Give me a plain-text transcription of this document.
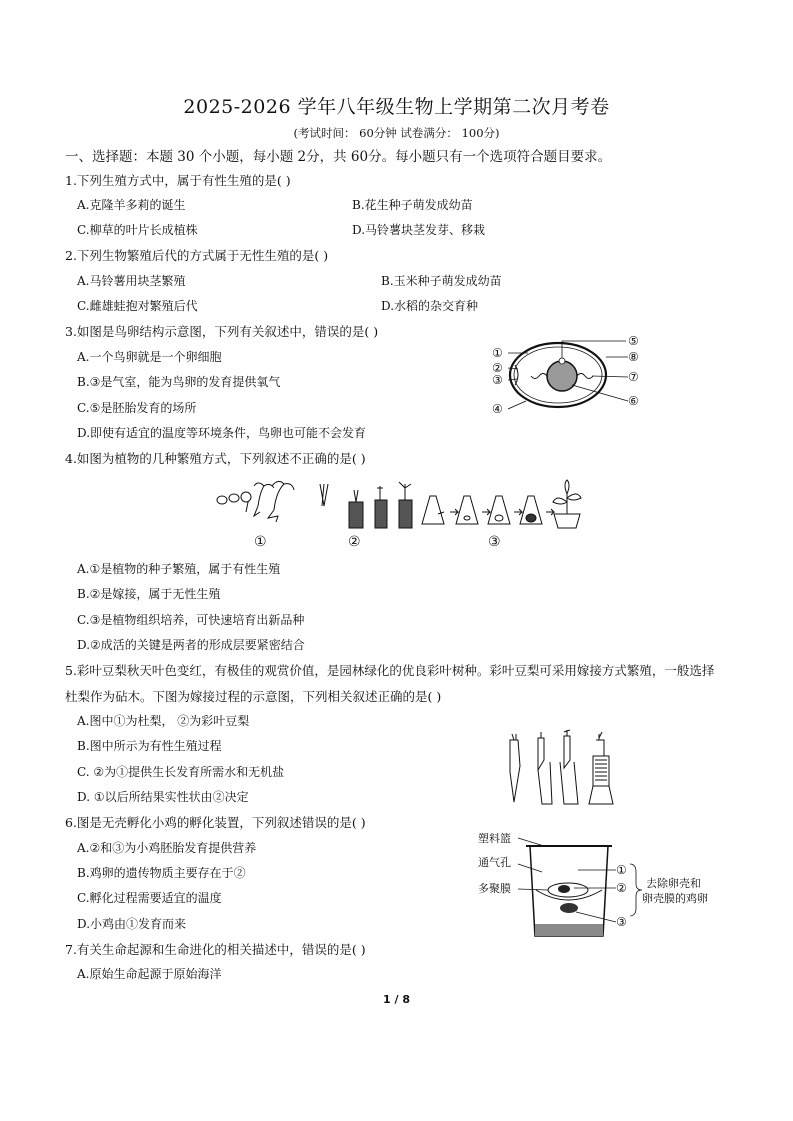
2025-2026 学年八年级生物上学期第二次月考卷
(考试时间： 60分钟 试卷满分： 100分)
一、选择题：本题 30 个小题，每小题 2分，共 60分。每小题只有一个选项符合题目要求。
1.下列生殖方式中，属于有性生殖的是( )
A.克隆羊多莉的诞生	B.花生种子萌发成幼苗
C.柳草的叶片长成植株	D.马铃薯块茎发芽、移栽
2.下列生物繁殖后代的方式属于无性生殖的是( )
A.马铃薯用块茎繁殖	B.玉米种子萌发成幼苗
C.雌雄蛙抱对繁殖后代	D.水稻的杂交育种
3.如图是鸟卵结构示意图，下列有关叙述中，错误的是( )
A.一个鸟卵就是一个卵细胞
B.③是气室，能为鸟卵的发育提供氧气
C.⑤是胚胎发育的场所
D.即使有适宜的温度等环境条件，鸟卵也可能不会发育
①
②
③
④
⑤
⑥
⑦
⑧
4.如图为植物的几种繁殖方式，下列叙述不正确的是( )
①	②	③
A.①是植物的种子繁殖，属于有性生殖
B.②是嫁接，属于无性生殖
C.③是植物组织培养，可快速培育出新品种
D.②成活的关键是两者的形成层要紧密结合
5.彩叶豆梨秋天叶色变红，有极佳的观赏价值，是园林绿化的优良彩叶树种。彩叶豆梨可采用嫁接方式繁殖，一般选择
杜梨作为砧木。下图为嫁接过程的示意图，下列相关叙述正确的是( )
A.图中①为杜梨， ②为彩叶豆梨
B.图中所示为有性生殖过程
C. ②为①提供生长发育所需水和无机盐
D. ①以后所结果实性状由②决定
6.图是无壳孵化小鸡的孵化装置，下列叙述错误的是( )
A.②和③为小鸡胚胎发育提供营养
B.鸡卵的遗传物质主要存在于②
C.孵化过程需要适宜的温度
D.小鸡由①发育而来
塑料篮
通气孔
多聚膜
①
②
③
去除卵壳和
卵壳膜的鸡卵
7.有关生命起源和生命进化的相关描述中，错误的是( )
A.原始生命起源于原始海洋
1 / 8
